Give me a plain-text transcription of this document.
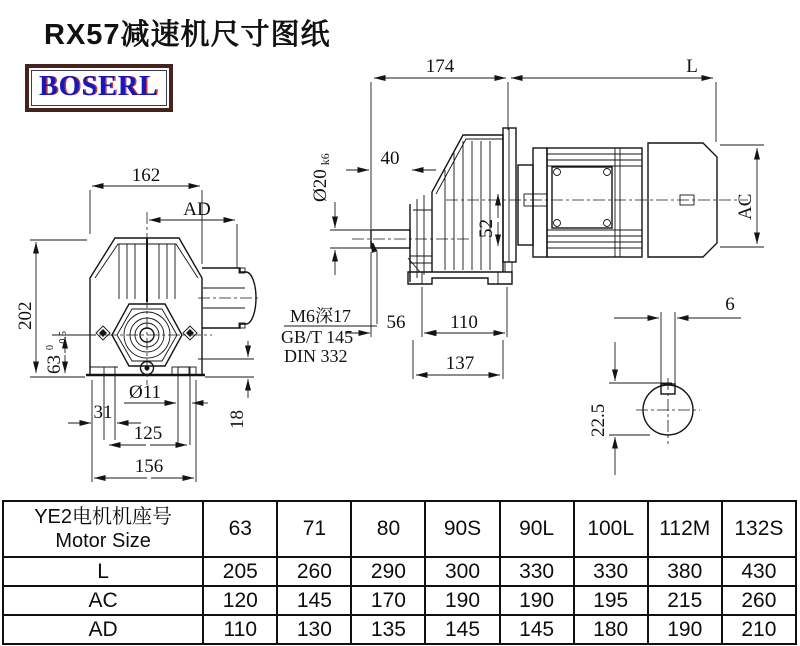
RX57减速机尺寸图纸
BOSERL
162
AD
202
63 $^0$ -0.5
31
Ø11
125
156
18
174	L
40
Ø20 k6
52
M6深17
GB/T 145
DIN 332
56 110
137
AC
6
22.5
YE2电机机座号
Motor Size	63	71	80	90S	90L	100L	112M	132S
L	205	260	290	300	330	330	380	430
AC	120	145	170	190	190	195	215	260
AD	110	130	135	145	145	180	190	210
